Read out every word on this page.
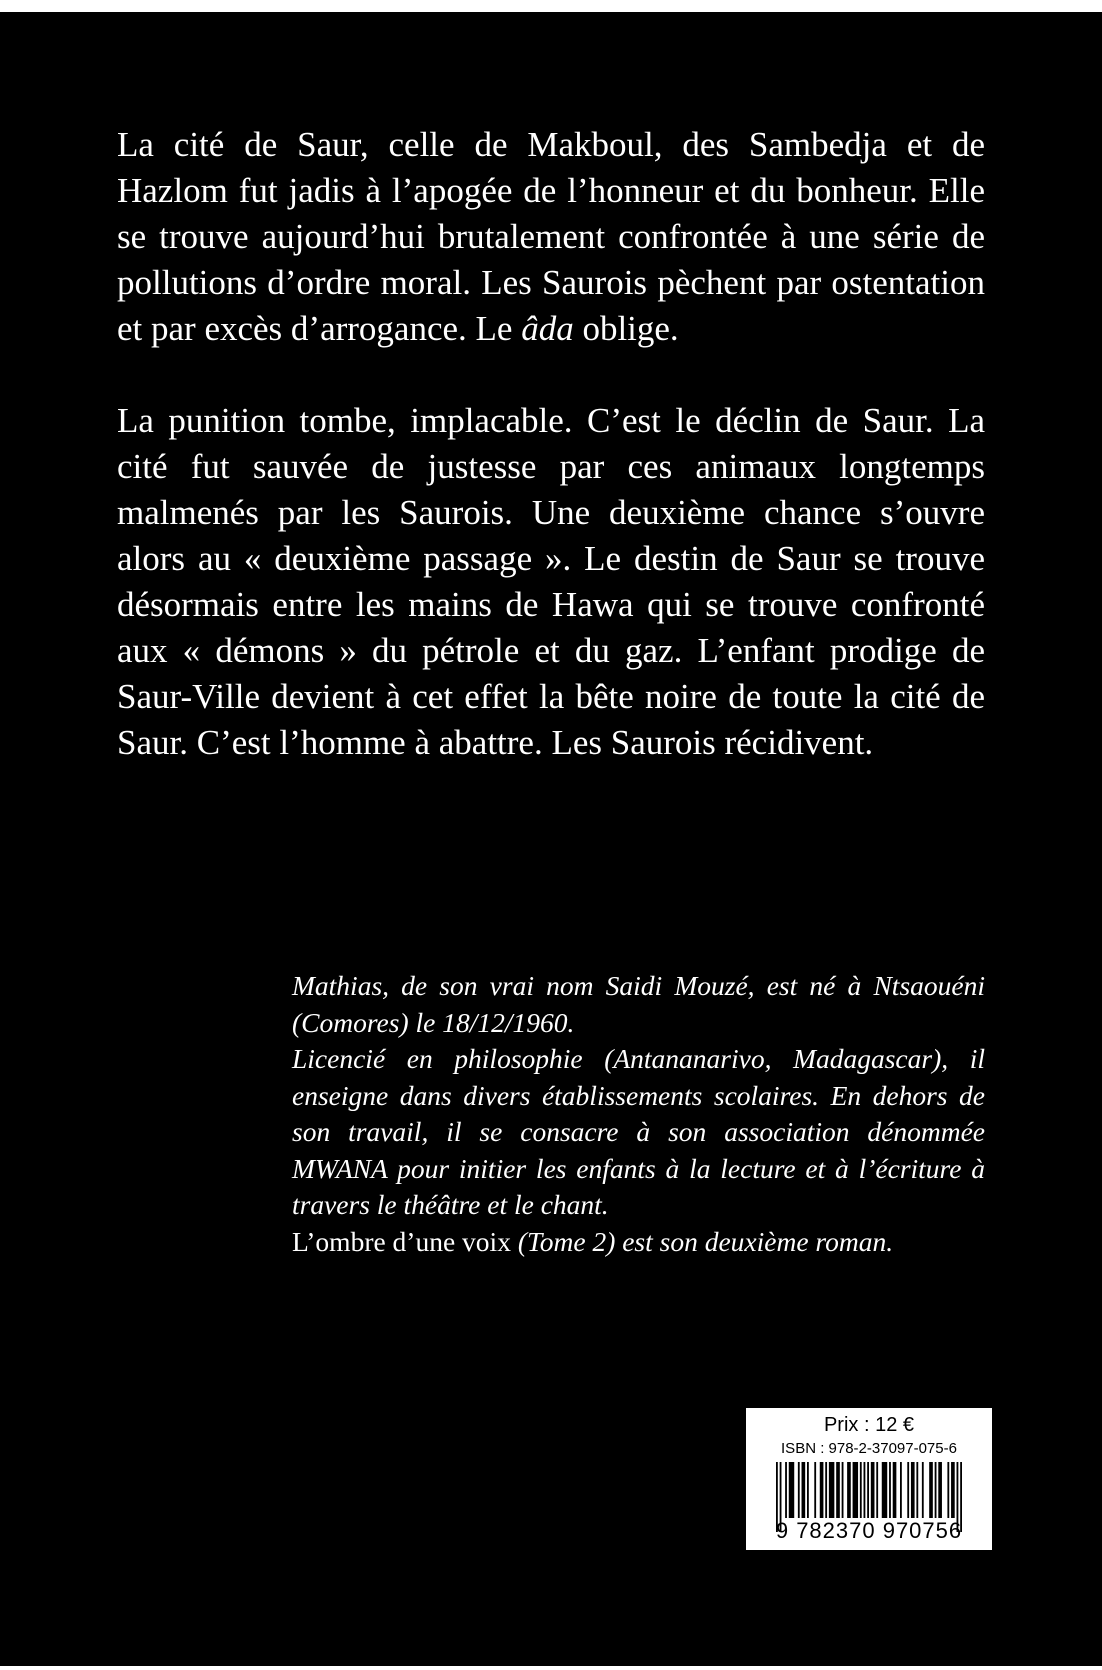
La cité de Saur, celle de Makboul, des Sambedja et de Hazlom fut jadis à l’apogée de l’honneur et du bonheur. Elle se trouve aujourd’hui brutalement confrontée à une série de pollutions d’ordre moral. Les Saurois pèchent par ostentation et par excès d’arrogance. Le âda oblige.

La punition tombe, implacable. C’est le déclin de Saur. La cité fut sauvée de justesse par ces animaux longtemps malmenés par les Saurois. Une deuxième chance s’ouvre alors au « deuxième passage ». Le destin de Saur se trouve désormais entre les mains de Hawa qui se trouve confronté aux « démons » du pétrole et du gaz. L’enfant prodige de Saur-Ville devient à cet effet la bête noire de toute la cité de Saur. C’est l’homme à abattre. Les Saurois récidivent.

Mathias, de son vrai nom Saidi Mouzé, est né à Ntsaouéni (Comores) le 18/12/1960.

Licencié en philosophie (Antananarivo, Madagascar), il enseigne dans divers établissements scolaires. En dehors de son travail, il se consacre à son association dénommée MWANA pour initier les enfants à la lecture et à l’écriture à travers le théâtre et le chant.

L’ombre d’une voix (Tome 2) est son deuxième roman.

Prix : 12 €
ISBN : 978-2-37097-075-6
9 782370 970756
